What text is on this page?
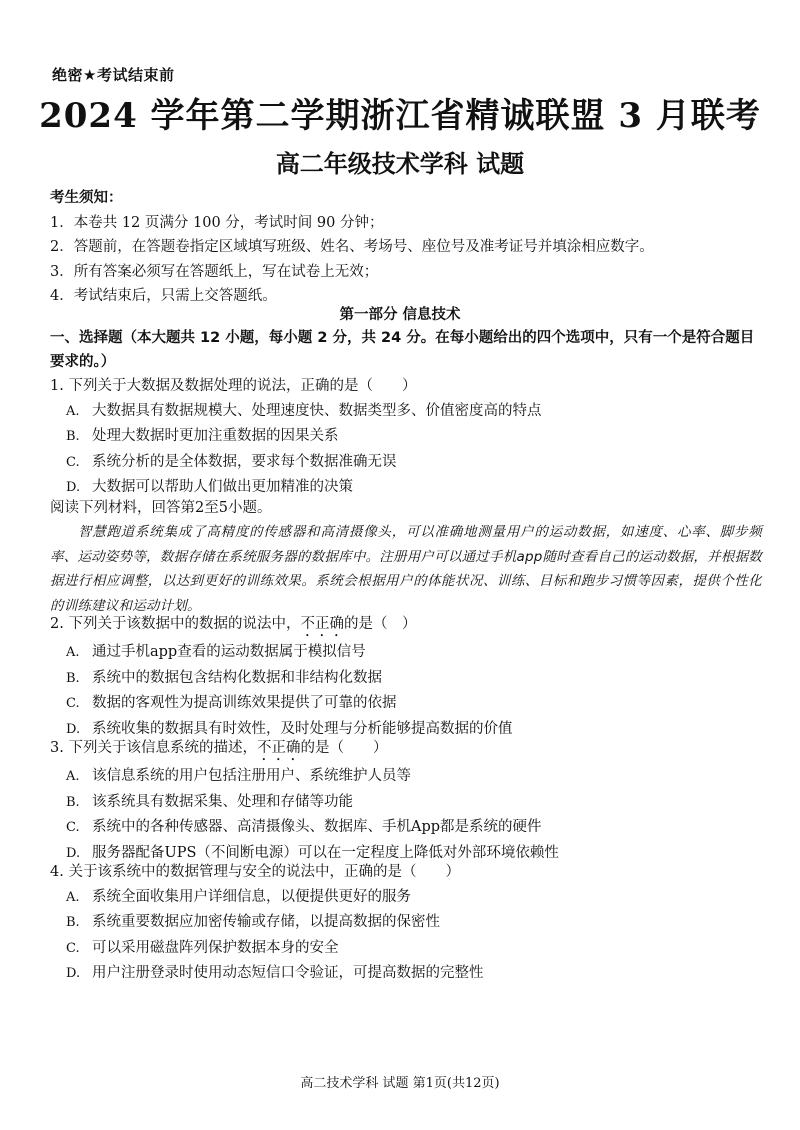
绝密★考试结束前
2024 学年第二学期浙江省精诚联盟 3 月联考
高二年级技术学科 试题
考生须知：
1．本卷共 12 页满分 100 分，考试时间 90 分钟；
2．答题前，在答题卷指定区域填写班级、姓名、考场号、座位号及准考证号并填涂相应数字。
3．所有答案必须写在答题纸上，写在试卷上无效；
4．考试结束后，只需上交答题纸。
第一部分 信息技术
一、选择题（本大题共 12 小题，每小题 2 分，共 24 分。在每小题给出的四个选项中，只有一个是符合题目要求的。）
1. 下列关于大数据及数据处理的说法，正确的是（　　）
A. 大数据具有数据规模大、处理速度快、数据类型多、价值密度高的特点
B. 处理大数据时更加注重数据的因果关系
C. 系统分析的是全体数据，要求每个数据准确无误
D. 大数据可以帮助人们做出更加精准的决策
阅读下列材料，回答第2至5小题。
智慧跑道系统集成了高精度的传感器和高清摄像头，可以准确地测量用户的运动数据，如速度、心率、脚步频率、运动姿势等，数据存储在系统服务器的数据库中。注册用户可以通过手机app随时查看自己的运动数据，并根据数据进行相应调整，以达到更好的训练效果。系统会根据用户的体能状况、训练、目标和跑步习惯等因素，提供个性化的训练建议和运动计划。
2. 下列关于该数据中的数据的说法中，不正确的是（　）
A. 通过手机app查看的运动数据属于模拟信号
B. 系统中的数据包含结构化数据和非结构化数据
C. 数据的客观性为提高训练效果提供了可靠的依据
D. 系统收集的数据具有时效性，及时处理与分析能够提高数据的价值
3. 下列关于该信息系统的描述，不正确的是（　　）
A. 该信息系统的用户包括注册用户、系统维护人员等
B. 该系统具有数据采集、处理和存储等功能
C. 系统中的各种传感器、高清摄像头、数据库、手机App都是系统的硬件
D. 服务器配备UPS（不间断电源）可以在一定程度上降低对外部环境依赖性
4. 关于该系统中的数据管理与安全的说法中，正确的是（　　）
A. 系统全面收集用户详细信息，以便提供更好的服务
B. 系统重要数据应加密传输或存储，以提高数据的保密性
C. 可以采用磁盘阵列保护数据本身的安全
D. 用户注册登录时使用动态短信口令验证，可提高数据的完整性
高二技术学科 试题 第1页(共12页)
